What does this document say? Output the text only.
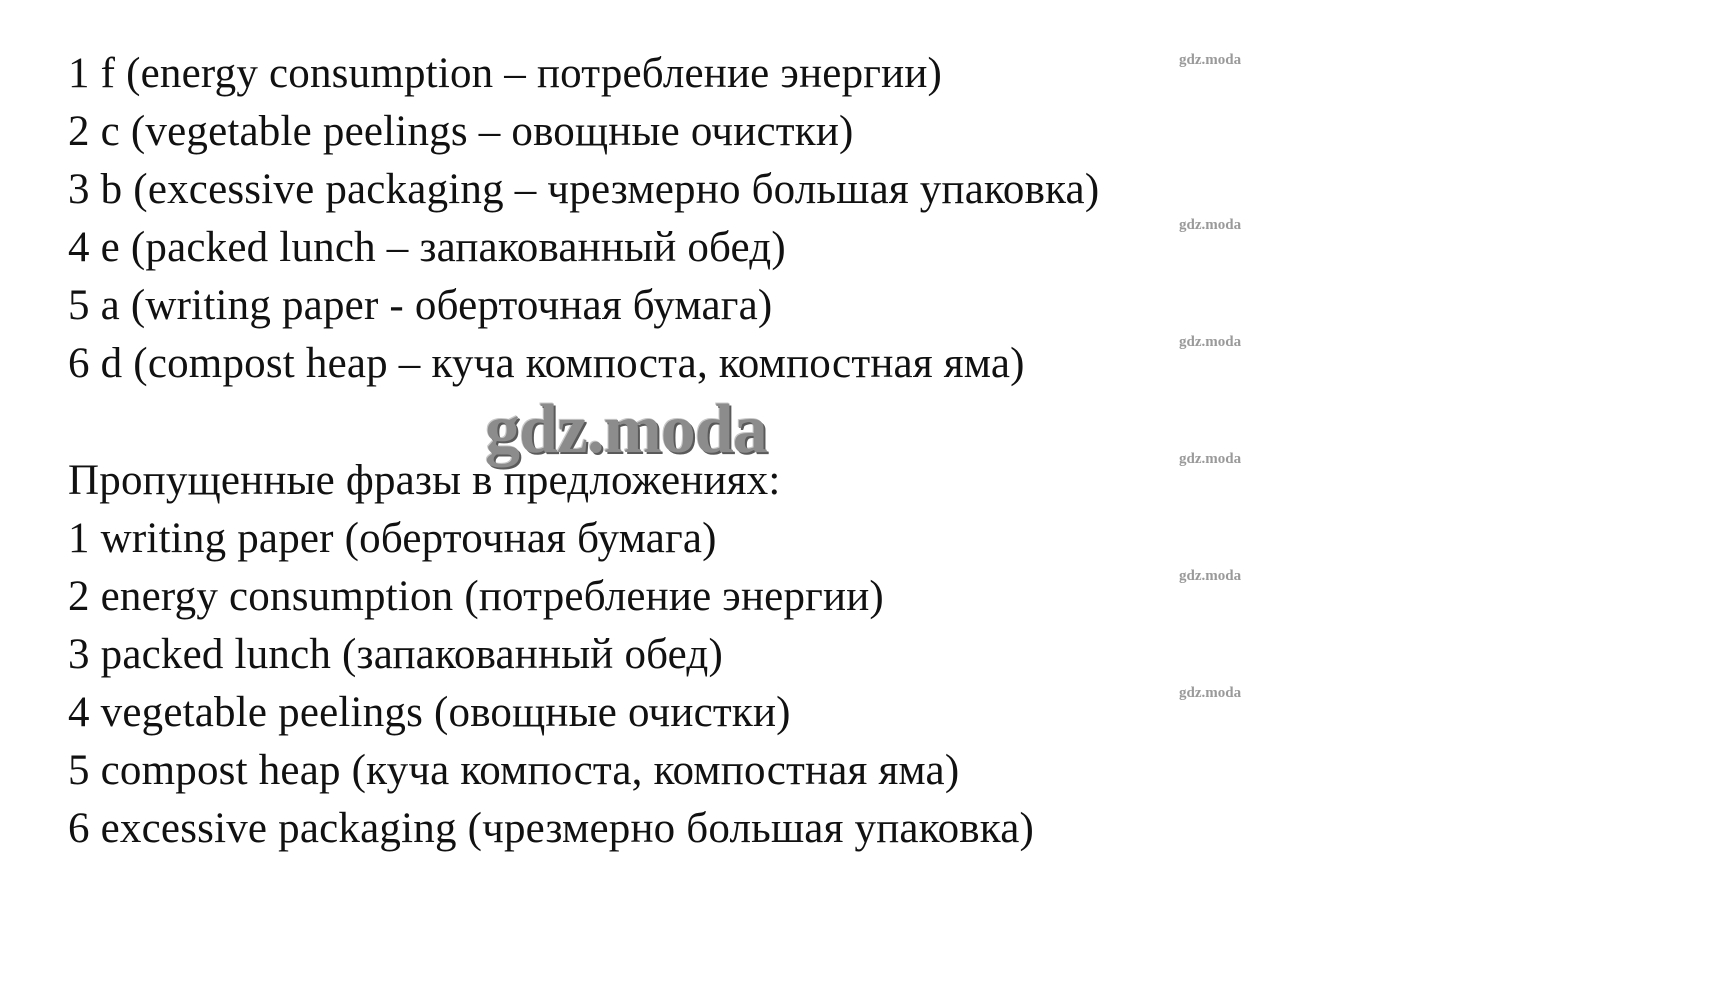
1 f (energy consumption – потребление энергии)
2 c (vegetable peelings – овощные очистки)
3 b (excessive packaging – чрезмерно большая упаковка)
4 e (packed lunch – запакованный обед)
5 a (writing paper - оберточная бумага)
6 d (compost heap – куча компоста, компостная яма)
Пропущенные фразы в предложениях:
1 writing paper (оберточная бумага)
2 energy consumption (потребление энергии)
3 packed lunch (запакованный обед)
4 vegetable peelings (овощные очистки)
5 compost heap (куча компоста, компостная яма)
6 excessive packaging (чрезмерно большая упаковка)
gdz.moda
gdz.moda
gdz.moda
gdz.moda
gdz.moda
gdz.moda
gdz.moda
